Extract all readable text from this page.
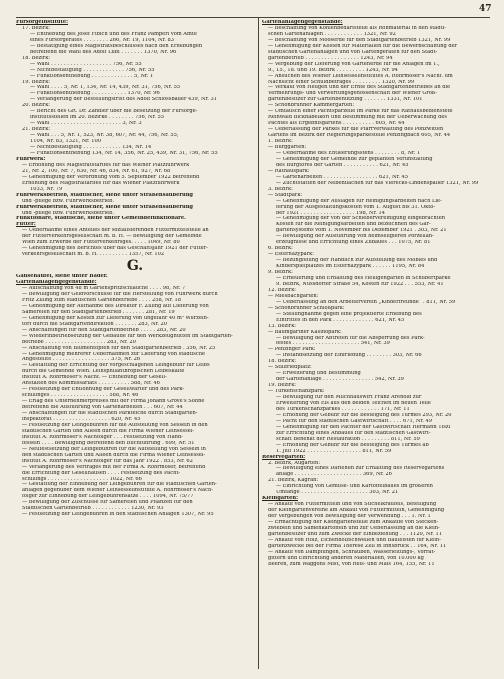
47
Fürsorgeinstitute:
17. Bezirk:
— Enthebung des Josef Fibich und des Franz Pamperl vom Amte
eines Fürsorgerates . . . . . . . . 266, Nr. 19, 1104, Nr. 83
— Bestätigung eines Magistratsbeschlusses nach den Erhebungen
betreffend die Wahl des Adolf Lubi . . . . . . . 1370, Nr. 96
18. Bezirk:
— Wahl . . . . . . . . . . . . . . . . . . . 756, Nr. 55
— Nichtbestätigung . . . . . . . . . . . . . 756, Nr. 55
— Funktionsenthebung . . . . . . . . . . . . . 5, Nr. 1
19. Bezirk:
— Wahl . . . . 5, Nr. 1, 134, Nr. 14, 439, Nr. 31, 756, Nr. 55
— Funktionsenthebung . . . . . . . . . . . 1370, Nr. 96
— Verlängerung der Bestellungsfrist des Adolf Schlossbauer 439, Nr. 31
20. Bezirk:
— Bericht des GR. Dr. Zandler über die Besetzung der Fürsorge-
institutsstellen im 20. Bezirke . . . . . . . . 756, Nr. 55
— Wahl . . . . . . . . . . . . . . . . . . . . . . 3, Nr. 3
21. Bezirk:
— Wahl . . . 5, Nr. 1, 523, Nr. 38, 607, Nr. 44, 756, Nr. 55,
1104, Nr. 83, 1321, Nr. 100
— Nichtbestätigung . . . . . . . . . . . . 134, Nr. 14
— Funktionsenthebung 134, Nr. 14, 356, Nr. 25, 439, Nr. 31, 756, Nr. 55
Fuhrwerk:
— Erhöhung des Magistratstarifes für das Wiener Platzfuhrwerk
21, Nr. 2, 100, Nr. 7, 630, Nr. 46, 834, Nr. 61, 927, Nr. 68
— Genehmigung der Verordnung vom 5. September 1922 betreffend
Erhöhung des Magistraltarifes für das Wiener Platzfuhrwerk
1033, Nr. 79
Fuhrwerksbetrieb, städtischer, siehe unter Straßensäuberung
und -pflege bzw. Fuhrwerksbetrieb.
Fuhrwerksbetrieb, städtischer, siehe unter Straßensäuberung
und -pflege bzw. Fuhrwerksbetrieb.
Funktionäre, städtische, siehe unter Gemeindefunktionäre.
Futter:
— Uebernahme eines Anteiles der sozialisierenden Futtermittelstelle an
der Futterverkehrsgesellschaft m. b. H. — Bewilligung der Gemeinde
Wien zum Erwerbe der Futterverkehrsges. . . . . 1049, Nr. 80
— Genehmigung des Berichtes über das Geschäftsjahr 1921 der Futter-
verkehrsgesellschaft m. b. H. . . . . . . . . . 1357, Nr. 102
G.
Gänsehäufel, siehe unter Bäder.
Gartenanlagengegenstände:
— Aufschaffung von 48 m Gartenspritzschläuche . . . . 98, Nr. 7
— Bewilligung der Geldvorschüsse für die Herstellung von Fuhrwerk durch
Fritz Zilling zum städtischen Gartenbetriebe . . . . 258, Nr. 18
— Genehmigung der Aufnahme des Direktor F. Zilling auf Lieferung von
Sämereien für den Stadtgartenbetrieb . . . . . . . 281, Nr. 19
— Genehmigung der Kosten zur Lieferung von ungefähr 40 m³ Wurzeln-
torf durch die Stadtgartendirektion . . . . . . . 283, Nr. 20
— Anschaffungen für den Stadtgartenbetrieb . . . . . 283, Nr. 20
— Wiederinbetriebsetzung der Gebäude für den Werkzeughütten im Stadtgarten-
betriebe . . . . . . . . . . . . . . . . . . . 283, Nr. 20
— Anschaffung von Blumentöpfen für den Stadtgartenbetrieb . 356, Nr. 25
— Genehmigung mehrerer Uebernahmen zur Lieferung von städtische
Angestellte . . . . . . . . . . . . . . . . . . 375, Nr. 26
— Gestattung der Errichtung der vorgeschlagenen Leihgebühr für Leibs
durch die Gemeinde Wien. Leihsphilanthropischen Leibeskälte
institut A. Rohrmoser's Nachf. — Enthebung der Gesell-
Anstalten des Kommissariats . . . . . . . . . . 588, Nr. 46
— Festsetzung der Entlohnung der Gesellwärter und des Park-
schillinges . . . . . . . . . . . . . . . . . . 588, Nr. 46
— Erlag des Unternehmerpreises mit der Firma Johann Grove's Söhne
betreffend die Ausführung von Gartenarbeiten . . . 607, Nr. 44
— Anschaffungen für die städtischen Parkteiche durch Stadtgarten-
inspektorat . . . . . . . . . . . . . . . . . . 620, Nr. 45
— Festsetzung der Leihgebühren für die Aufstellung von Sesseln in den
städtischen Gärten und Alleen durch die Firma Wiener Leihsessel-
institut A. Rohrmoser's Nachfolger . . . Festsetzung von Hand-
fesseln . . . . Bewilligung betreffend den Buchführung . 699, Nr. 51
— Neufestsetzung der Leihgebühren für die Aufstellung von Sesseln in
den städtischen Gärten und Alleen durch die Firma Wiener Leihsessel-
institut A. Rohrmoser's Nachfolger für das Jahr 1922 . 853, Nr. 62
— Verlängerung des Vertrages mit der Firma A. Rohrmoser, betreffend
die Errichtung der Gesellhausen . . . . Festsetzung des Pacht-
schillings . . . . . . . . . . . . . . . . . . . 1022, Nr. 66
— Gestattung der Einhebung der Leihgebühren für die städtischen Garten-
anlagen gegenüber dem Wiener Leihsesselinstitute A. Rohrmoser's Nach-
folger zur Einhebung der Leihgebührensätze . . . . 1094, Nr. 75/77
— Bewilligung der Zuschüsse für Sämereien und Pflanzen für den
Städtischen Gartenbetrieb . . . . . . . . . . . . 1230, Nr. 93
— Festsetzung der Leihgebühren in den städtischen Anlagen 1307, Nr. 95
Gartenanlagengegenstände:
— Beschaffung von Kohlenbedarfsteile als Rohmaterial in den städti-
schen Gartenanlagen . . . . . . . . . . . . 1321, Nr. 92
— Beschaffung von Mooserde für den Stadtgartenbetrieb 1321, Nr. 99
— Genehmigung der Kosten für Materialien für die Bewerbschaffung der
städtischen Gartenanlagen und von Gartengeräten für den Stadt-
gartenbetrieb . . . . . . . . . . . . . . . . . 1243, Nr. 94
— Vergebung der Lieferung von Gartenerde für die Anlagen im 1.,
9., 15., 18. und 19. Bezirk . . . . . . . . . 1243, Nr. 94
— Ansuchen des Wiener Leihsesselinstitutes A. Rohrmoser's Nachf. um
Nachsicht einer Schuldbetrages . . . . . . . . . 1320, Nr. 99
— Verkauf von Heugen und der Ernte des Stadtgartenbetriebes an die
Vermehrungs- und Verwertungsgenossenschaft der Wiener Groß-
gartenbesitzer zur Gartenbenützung . . . . . . . 1331, Nr. 101
— Schönbrunner Kammergarten:
— Umtausch einer Pachtsparzelle im Parke für das Rathausbedienstete
Reinwald Bicknäbelkorl und Bestimmung mit der Ueberwachung des
Pachtes als Ergebnisgartens . . . . . . . . . . 605, Nr. 44
— Ueberlassung der Parkes für die Pfarrverwaltung des Ponzwitten
Gartens im Bezirk der Regierungsparkestelle Penzingbach 605, Nr. 44
1. Bezirk:
— Burggarten:
— Uebernahme des Entleerungsstens . . . . . . . . 8, Nr. 1
— Genehmigung der Gemeinde zur geplanten Verunstaltung
des Burgtores der Gärten . . . . . . . . . . . 621, Nr. 45
— Rathauspark:
— Gartenarbeiten . . . . . . . . . . . . . . . . . 621, Nr. 45
— Zuchtstätten der Nebenflächen für das Vierecks-Lindenspalier 1321, Nr. 99
3. Bezirk:
— Stadtpark:
— Genehmigung der Auslagen für Reinigungsarbeiten nach Lie-
ferung der Ausgestaltungskosten vom 1. August bis 31. Okto-
ber 1921 . . . . . . . . . . . . . . . . . 198, Nr. 14
— Genehmigung der von der Schiebervereinigung eingebrachten
Kosten für die Reinigungsarbeiten und bezeichnen des Gar-
gartensystems vom 1. November bis Dezember 1921 . 303, Nr. 21
— Bewilligung der Ausführung von heimseligieren Porzellan-
erzeugnisse und Errichtung eines Zubaues . . . 1075, Nr. 81
6. Bezirk:
— Esterhazypark:
— Bezungfeiung der Handlich zur Aufstellung des Möbles und
Kinderspielplatzes im Esterhazypark . . . . . . 1195, Nr. 84
9. Bezirk:
— Erneuerung und Erhaltung des Heiligengarten in Schubertparke
9. Bezirk, Nussdorfer Straße 54, Kosten für 1922 . . . 553, Nr. 41
12. Bezirk:
— Miesbachgarten:
— Ueberlassung an den Arbeiterverein „Kinderfreunde“ . 811, Nr. 59
— Schönbrunner Schloßpark:
— Stellungnahme gegen eine projektierte Erhebung des
Eintrittes in den Park . . . . . . . . . . . . . 621, Nr. 45
13. Bezirk:
— Baumgartner Kasinopark:
— Bewilligung der Abtreten für die Absperrung des Park-
festes . . . . . . . . . . . . . . . . . . . . . 541, Nr. 39
— Penzinger Park:
— Instandsetzung der Einfriedung . . . . . . . . 303, Nr. 66
18. Bezirk:
— Stillfriedplatz:
— Erweiterung und Bestimmung
der Gartenanlage . . . . . . . . . . . . . . . . 542, Nr. 39
19. Bezirk:
— Türkenschanzpark:
— Bewilligung für den Milchhauswirt Franz Arenold zur
Erweiterung von Eis aus den beiden Teichen im neuen Teile
des Türkenschanzparkes . . . . . . . . . . . . 171, Nr. 11
— Erhöhung der Gebühr für die Besteigung des Turmes 293, Nr. 20
— Pacht für den städtischen Gastwirtschaft . . . . 671, Nr. 49
— Genehmigung für den Pächter der Gastwirtschaft Hermann Tiszl
zur Errichtung eines Anbaues für den städtischen Gastwirt-
schaft Benenkt der Restauration . . . . . . . . . 811, Nr. 59
— Erhöhung der Gebühr für die Besteigung des Turmes ab
1. Juli 1922 . . . . . . . . . . . . . . . . . 811, Nr. 59
Reservegärten:
2. Bezirk, Augarten:
— Bewilligung eines Darlehen zur Erhaltung des Reservegartens
anlage . . . . . . . . . . . . . . . . . . . . . 369, Nr. 26
21. Bezirk, Kagran:
— Einrichtung von Gemüse- und Kartoffelbaues im größeren
Umfange . . . . . . . . . . . . . . . . . . . . . 303, Nr. 21
Kleingärten:
— Ankauf von Futtermitteln und von Stichelkraufels, Beteiligung
der Kleingartenvereine am Ankauf von Futtermitteln, Genehmigung
der Vergebungen von Bewilligung der Verwendung . . . 1. Nr. 1
— Ermächtigung der Kleingartenstelle zum Ankaufe von Stecken-
zwiebeln und Samenkartoffeln und zur Ueberlassung an die Klein-
gartenbesitzer und zum Zwecke der Einbeziehung . . . 1120, Nr. 11
— Ankauf von Holz, Eichenholzschwellen und Bauleisten für Klein-
gartenzwecke bei der Firma Therese Zell in Innsbruck . . 164, Nr. 11
— Ankauf von Dämpfungen, Schrauben, Wasserleitungs-, Vorrat-
gittern und Einrichtung anderen Materialien, von 10.000 kg
Beeren, zum Waggons Mist, von Reis- und Mais 164, 155, Nr. 11
